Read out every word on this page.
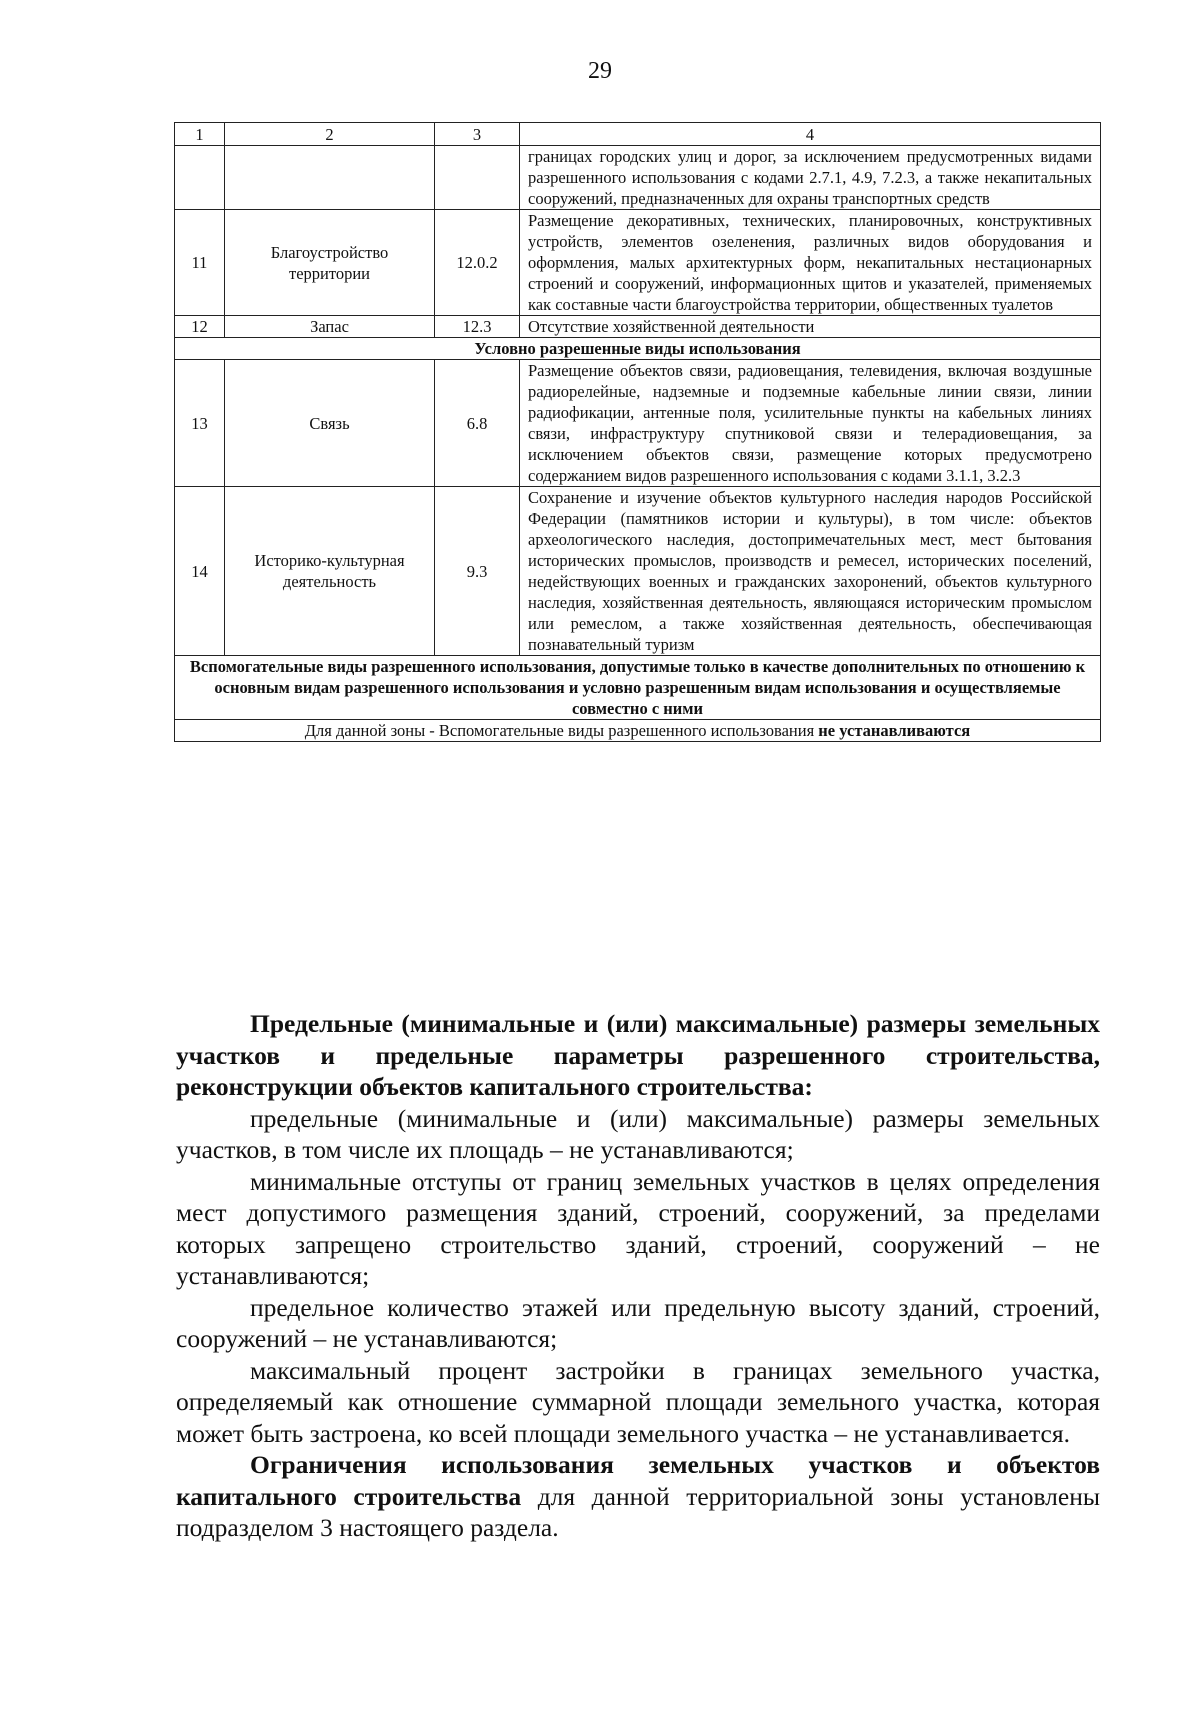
29
1	2	3	4
			границах городских улиц и дорог, за исключением предусмотренных видами разрешенного использования с кодами 2.7.1, 4.9, 7.2.3, а также некапитальных сооружений, предназначенных для охраны транспортных средств
11	Благоустройство территории	12.0.2	Размещение декоративных, технических, планировочных, конструктивных устройств, элементов озеленения, различных видов оборудования и оформления, малых архитектурных форм, некапитальных нестационарных строений и сооружений, информационных щитов и указателей, применяемых как составные части благоустройства территории, общественных туалетов
12	Запас	12.3	Отсутствие хозяйственной деятельности
Условно разрешенные виды использования			
13	Связь	6.8	Размещение объектов связи, радиовещания, телевидения, включая воздушные радиорелейные, надземные и подземные кабельные линии связи, линии радиофикации, антенные поля, усилительные пункты на кабельных линиях связи, инфраструктуру спутниковой связи и телерадиовещания, за исключением объектов связи, размещение которых предусмотрено содержанием видов разрешенного использования с кодами 3.1.1, 3.2.3
14	Историко-культурная деятельность	9.3	Сохранение и изучение объектов культурного наследия народов Российской Федерации (памятников истории и культуры), в том числе: объектов археологического наследия, достопримечательных мест, мест бытования исторических промыслов, производств и ремесел, исторических поселений, недействующих военных и гражданских захоронений, объектов культурного наследия, хозяйственная деятельность, являющаяся историческим промыслом или ремеслом, а также хозяйственная деятельность, обеспечивающая познавательный туризм
Вспомогательные виды разрешенного использования, допустимые только в качестве дополнительных по отношению к основным видам разрешенного использования и условно разрешенным видам использования и осуществляемые совместно с ними			
Для данной зоны - Вспомогательные виды разрешенного использования не устанавливаются			

Предельные (минимальные и (или) максимальные) размеры земельных участков и предельные параметры разрешенного строительства, реконструкции объектов капитального строительства:

предельные (минимальные и (или) максимальные) размеры земельных участков, в том числе их площадь – не устанавливаются;

минимальные отступы от границ земельных участков в целях определения мест допустимого размещения зданий, строений, сооружений, за пределами которых запрещено строительство зданий, строений, сооружений – не устанавливаются;

предельное количество этажей или предельную высоту зданий, строений, сооружений – не устанавливаются;

максимальный процент застройки в границах земельного участка, определяемый как отношение суммарной площади земельного участка, которая может быть застроена, ко всей площади земельного участка – не устанавливается.

Ограничения использования земельных участков и объектов капитального строительства для данной территориальной зоны установлены подразделом 3 настоящего раздела.
